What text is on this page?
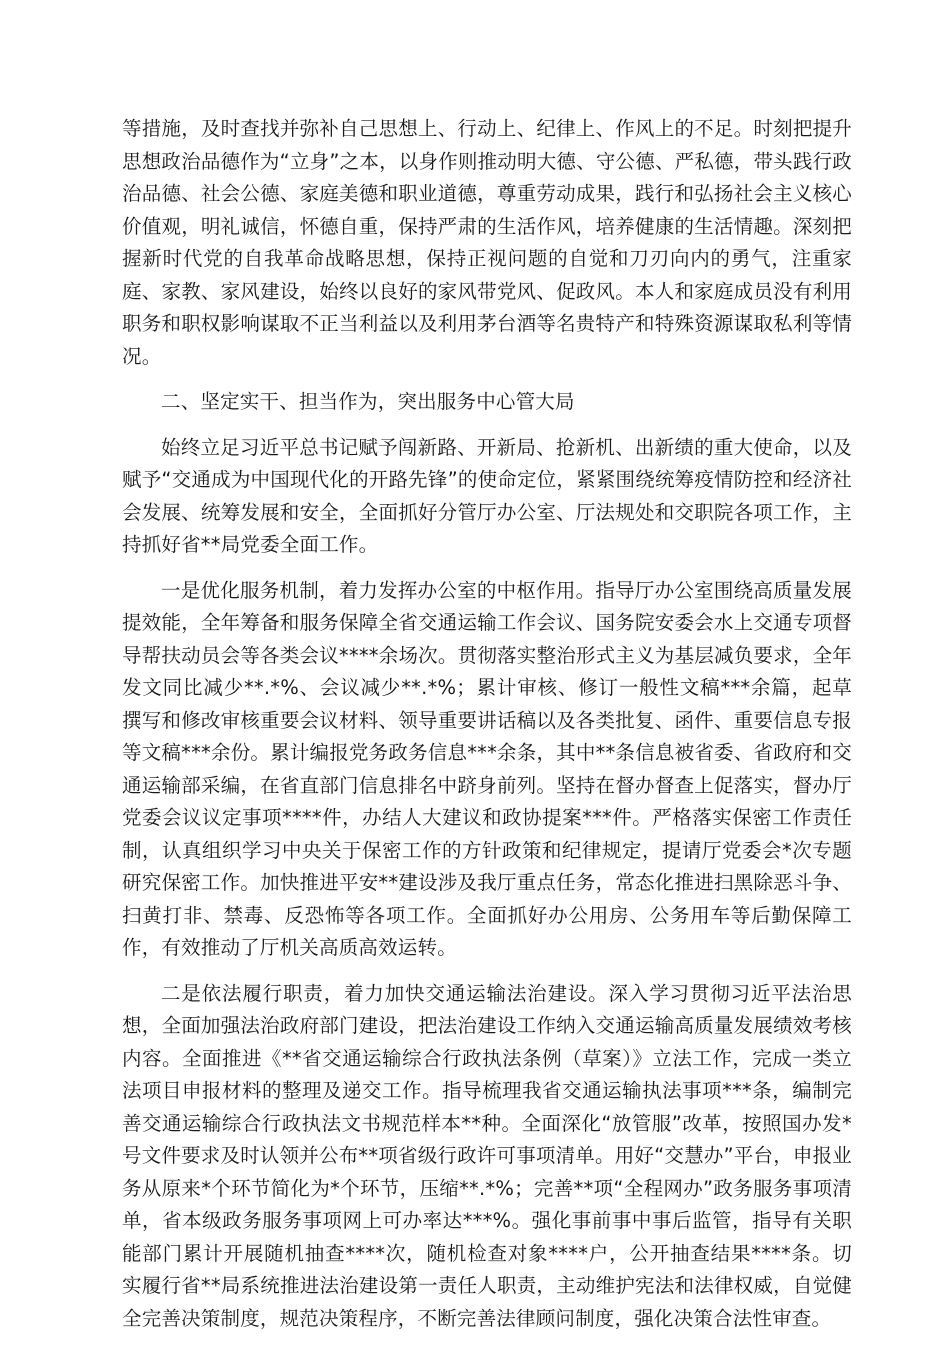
等措施，及时查找并弥补自己思想上、行动上、纪律上、作风上的不足。时刻把提升思想政治品德作为“立身”之本，以身作则推动明大德、守公德、严私德，带头践行政治品德、社会公德、家庭美德和职业道德，尊重劳动成果，践行和弘扬社会主义核心价值观，明礼诚信，怀德自重，保持严肃的生活作风，培养健康的生活情趣。深刻把握新时代党的自我革命战略思想，保持正视问题的自觉和刀刃向内的勇气，注重家庭、家教、家风建设，始终以良好的家风带党风、促政风。本人和家庭成员没有利用职务和职权影响谋取不正当利益以及利用茅台酒等名贵特产和特殊资源谋取私利等情况。

二、坚定实干、担当作为，突出服务中心管大局

始终立足习近平总书记赋予闯新路、开新局、抢新机、出新绩的重大使命，以及赋予“交通成为中国现代化的开路先锋”的使命定位，紧紧围绕统筹疫情防控和经济社会发展、统筹发展和安全，全面抓好分管厅办公室、厅法规处和交职院各项工作，主持抓好省**局党委全面工作。

一是优化服务机制，着力发挥办公室的中枢作用。指导厅办公室围绕高质量发展提效能，全年筹备和服务保障全省交通运输工作会议、国务院安委会水上交通专项督导帮扶动员会等各类会议****余场次。贯彻落实整治形式主义为基层减负要求，全年发文同比减少**.*%、会议减少**.*%；累计审核、修订一般性文稿***余篇，起草撰写和修改审核重要会议材料、领导重要讲话稿以及各类批复、函件、重要信息专报等文稿***余份。累计编报党务政务信息***余条，其中**条信息被省委、省政府和交通运输部采编，在省直部门信息排名中跻身前列。坚持在督办督查上促落实，督办厅党委会议议定事项****件，办结人大建议和政协提案***件。严格落实保密工作责任制，认真组织学习中央关于保密工作的方针政策和纪律规定，提请厅党委会*次专题研究保密工作。加快推进平安**建设涉及我厅重点任务，常态化推进扫黑除恶斗争、扫黄打非、禁毒、反恐怖等各项工作。全面抓好办公用房、公务用车等后勤保障工作，有效推动了厅机关高质高效运转。

二是依法履行职责，着力加快交通运输法治建设。深入学习贯彻习近平法治思想，全面加强法治政府部门建设，把法治建设工作纳入交通运输高质量发展绩效考核内容。全面推进《**省交通运输综合行政执法条例（草案）》立法工作，完成一类立法项目申报材料的整理及递交工作。指导梳理我省交通运输执法事项***条，编制完善交通运输综合行政执法文书规范样本**种。全面深化“放管服”改革，按照国办发*号文件要求及时认领并公布**项省级行政许可事项清单。用好“交慧办”平台，申报业务从原来*个环节简化为*个环节，压缩**.*%；完善**项“全程网办”政务服务事项清单，省本级政务服务事项网上可办率达***%。强化事前事中事后监管，指导有关职能部门累计开展随机抽查****次，随机检查对象****户，公开抽查结果****条。切实履行省**局系统推进法治建设第一责任人职责，主动维护宪法和法律权威，自觉健全完善决策制度，规范决策程序，不断完善法律顾问制度，强化决策合法性审查。
